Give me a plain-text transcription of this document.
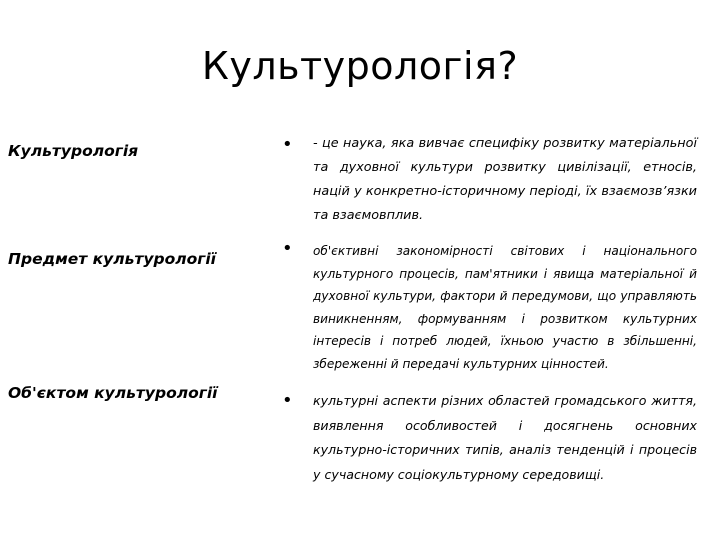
Культурологія?
Культурологія	• - це наука, яка вивчає специфіку розвитку матеріальної та духовної культури розвитку цивілізації, етносів, націй у конкретно-історичному періоді, їх взаємозв’язки та взаємовплив.
Предмет культурології	• об'єктивні закономірності світових і національного культурного процесів, пам'ятники і явища матеріальної й духовної культури, фактори й передумови, що управляють виникненням, формуванням і розвитком культурних інтересів і потреб людей, їхньою участю в збільшенні, збереженні й передачі культурних цінностей.
Об'єктом культурології	• культурні аспекти різних областей громадського життя, виявлення особливостей і досягнень основних культурно-історичних типів, аналіз тенденцій і процесів у сучасному соціокультурному середовищі.
